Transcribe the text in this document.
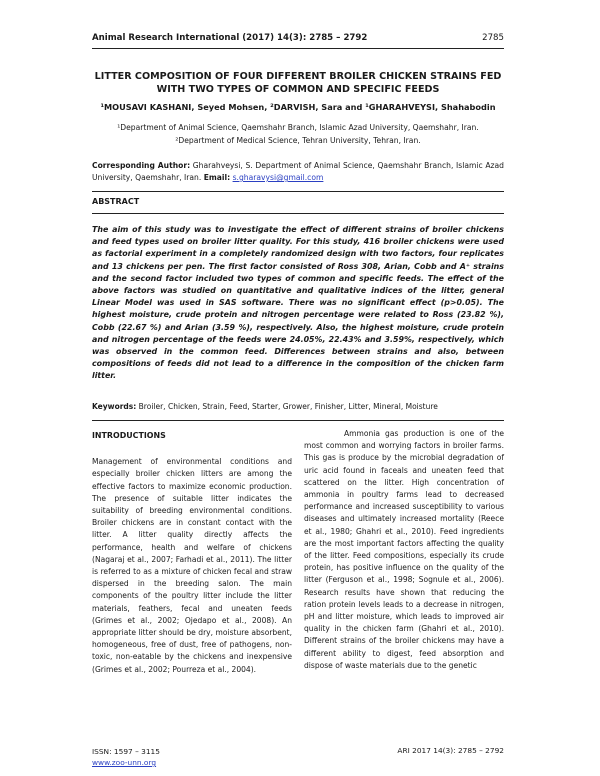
Animal Research International (2017) 14(3): 2785 – 2792	2785
LITTER COMPOSITION OF FOUR DIFFERENT BROILER CHICKEN STRAINS FED WITH TWO TYPES OF COMMON AND SPECIFIC FEEDS
¹MOUSAVI KASHANI, Seyed Mohsen, ²DARVISH, Sara and ¹GHARAHVEYSI, Shahabodin
¹Department of Animal Science, Qaemshahr Branch, Islamic Azad University, Qaemshahr, Iran.
²Department of Medical Science, Tehran University, Tehran, Iran.
Corresponding Author: Gharahveysi, S. Department of Animal Science, Qaemshahr Branch, Islamic Azad University, Qaemshahr, Iran. Email: s.gharavysi@gmail.com
ABSTRACT
The aim of this study was to investigate the effect of different strains of broiler chickens and feed types used on broiler litter quality. For this study, 416 broiler chickens were used as factorial experiment in a completely randomized design with two factors, four replicates and 13 chickens per pen. The first factor consisted of Ross 308, Arian, Cobb and A⁺ strains and the second factor included two types of common and specific feeds. The effect of the above factors was studied on quantitative and qualitative indices of the litter, general Linear Model was used in SAS software. There was no significant effect (p>0.05). The highest moisture, crude protein and nitrogen percentage were related to Ross (23.82 %), Cobb (22.67 %) and Arian (3.59 %), respectively. Also, the highest moisture, crude protein and nitrogen percentage of the feeds were 24.05%, 22.43% and 3.59%, respectively, which was observed in the common feed. Differences between strains and also, between compositions of feeds did not lead to a difference in the composition of the chicken farm litter.
Keywords: Broiler, Chicken, Strain, Feed, Starter, Grower, Finisher, Litter, Mineral, Moisture
INTRODUCTIONS

Management of environmental conditions and especially broiler chicken litters are among the effective factors to maximize economic production. The presence of suitable litter indicates the suitability of breeding environmental conditions. Broiler chickens are in constant contact with the litter. A litter quality directly affects the performance, health and welfare of chickens (Nagaraj et al., 2007; Farhadi et al., 2011). The litter is referred to as a mixture of chicken fecal and straw dispersed in the breeding salon. The main components of the poultry litter include the litter materials, feathers, fecal and uneaten feeds (Grimes et al., 2002; Ojedapo et al., 2008). An appropriate litter should be dry, moisture absorbent, homogeneous, free of dust, free of pathogens, non-toxic, non-eatable by the chickens and inexpensive (Grimes et al., 2002; Pourreza et al., 2004).

Ammonia gas production is one of the most common and worrying factors in broiler farms. This gas is produce by the microbial degradation of uric acid found in faceals and uneaten feed that scattered on the litter. High concentration of ammonia in poultry farms lead to decreased performance and increased susceptibility to various diseases and ultimately increased mortality (Reece et al., 1980; Ghahri et al., 2010). Feed ingredients are the most important factors affecting the quality of the litter. Feed compositions, especially its crude protein, has positive influence on the quality of the litter (Ferguson et al., 1998; Sognule et al., 2006). Research results have shown that reducing the ration protein levels leads to a decrease in nitrogen, pH and litter moisture, which leads to improved air quality in the chicken farm (Ghahri et al., 2010). Different strains of the broiler chickens may have a different ability to digest, feed absorption and dispose of waste materials due to the genetic

ISSN: 1597 – 3115
www.zoo-unn.org
ARI 2017 14(3): 2785 – 2792
